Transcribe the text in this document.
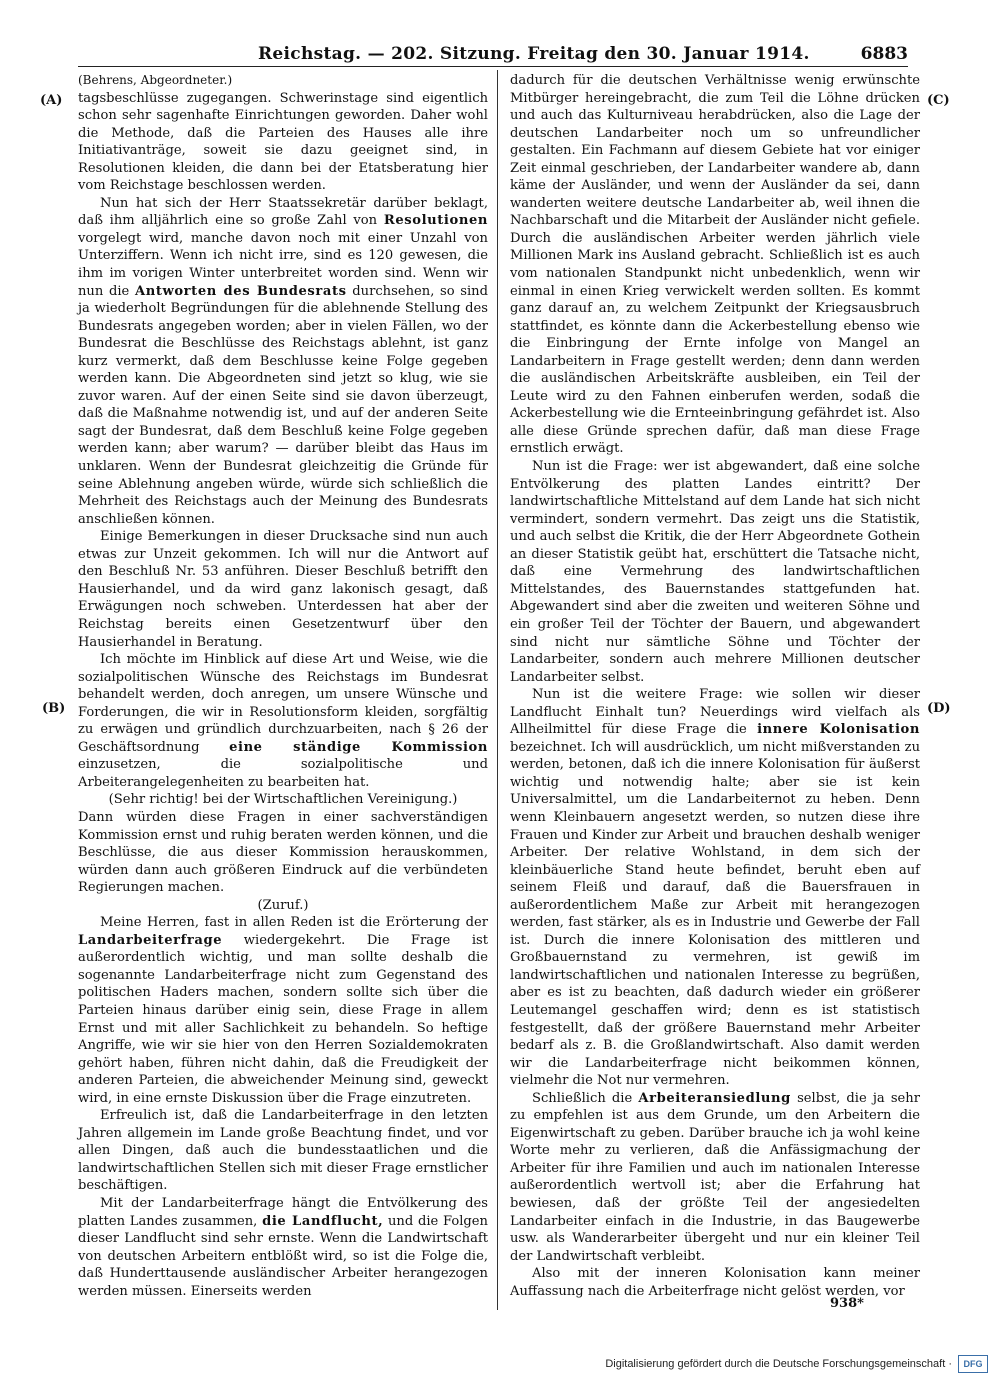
Reichstag. — 202. Sitzung. Freitag den 30. Januar 1914.	6883
(A)
(B)
(C)
(D)

(Behrens, Abgeordneter.)

tagsbeschlüsse zugegangen. Schwerinstage sind eigentlich schon sehr sagenhafte Einrichtungen geworden. Daher wohl die Methode, daß die Parteien des Hauses alle ihre Initiativanträge, soweit sie dazu geeignet sind, in Resolutionen kleiden, die dann bei der Etatsberatung hier vom Reichstage beschlossen werden.

Nun hat sich der Herr Staatssekretär darüber beklagt, daß ihm alljährlich eine so große Zahl von Resolutionen vorgelegt wird, manche davon noch mit einer Unzahl von Unterziffern. Wenn ich nicht irre, sind es 120 gewesen, die ihm im vorigen Winter unterbreitet worden sind. Wenn wir nun die Antworten des Bundesrats durchsehen, so sind ja wiederholt Begründungen für die ablehnende Stellung des Bundesrats angegeben worden; aber in vielen Fällen, wo der Bundesrat die Beschlüsse des Reichstags ablehnt, ist ganz kurz vermerkt, daß dem Beschlusse keine Folge gegeben werden kann. Die Abgeordneten sind jetzt so klug, wie sie zuvor waren. Auf der einen Seite sind sie davon überzeugt, daß die Maßnahme notwendig ist, und auf der anderen Seite sagt der Bundesrat, daß dem Beschluß keine Folge gegeben werden kann; aber warum? — darüber bleibt das Haus im unklaren. Wenn der Bundesrat gleichzeitig die Gründe für seine Ablehnung angeben würde, würde sich schließlich die Mehrheit des Reichstags auch der Meinung des Bundesrats anschließen können.

Einige Bemerkungen in dieser Drucksache sind nun auch etwas zur Unzeit gekommen. Ich will nur die Antwort auf den Beschluß Nr. 53 anführen. Dieser Beschluß betrifft den Hausierhandel, und da wird ganz lakonisch gesagt, daß Erwägungen noch schweben. Unterdessen hat aber der Reichstag bereits einen Gesetzentwurf über den Hausierhandel in Beratung.

Ich möchte im Hinblick auf diese Art und Weise, wie die sozialpolitischen Wünsche des Reichstags im Bundesrat behandelt werden, doch anregen, um unsere Wünsche und Forderungen, die wir in Resolutionsform kleiden, sorgfältig zu erwägen und gründlich durchzuarbeiten, nach § 26 der Geschäftsordnung eine ständige Kommission einzusetzen, die sozialpolitische und Arbeiterangelegenheiten zu bearbeiten hat.

(Sehr richtig! bei der Wirtschaftlichen Vereinigung.)

Dann würden diese Fragen in einer sachverständigen Kommission ernst und ruhig beraten werden können, und die Beschlüsse, die aus dieser Kommission herauskommen, würden dann auch größeren Eindruck auf die verbündeten Regierungen machen.

(Zuruf.)

Meine Herren, fast in allen Reden ist die Erörterung der Landarbeiterfrage wiedergekehrt. Die Frage ist außerordentlich wichtig, und man sollte deshalb die sogenannte Landarbeiterfrage nicht zum Gegenstand des politischen Haders machen, sondern sollte sich über die Parteien hinaus darüber einig sein, diese Frage in allem Ernst und mit aller Sachlichkeit zu behandeln. So heftige Angriffe, wie wir sie hier von den Herren Sozialdemokraten gehört haben, führen nicht dahin, daß die Freudigkeit der anderen Parteien, die abweichender Meinung sind, geweckt wird, in eine ernste Diskussion über die Frage einzutreten.

Erfreulich ist, daß die Landarbeiterfrage in den letzten Jahren allgemein im Lande große Beachtung findet, und vor allen Dingen, daß auch die bundesstaatlichen und die landwirtschaftlichen Stellen sich mit dieser Frage ernstlicher beschäftigen.

Mit der Landarbeiterfrage hängt die Entvölkerung des platten Landes zusammen, die Landflucht, und die Folgen dieser Landflucht sind sehr ernste. Wenn die Landwirtschaft von deutschen Arbeitern entblößt wird, so ist die Folge die, daß Hunderttausende ausländischer Arbeiter herangezogen werden müssen. Einerseits werden

dadurch für die deutschen Verhältnisse wenig erwünschte Mitbürger hereingebracht, die zum Teil die Löhne drücken und auch das Kulturniveau herabdrücken, also die Lage der deutschen Landarbeiter noch um so unfreundlicher gestalten. Ein Fachmann auf diesem Gebiete hat vor einiger Zeit einmal geschrieben, der Landarbeiter wandere ab, dann käme der Ausländer, und wenn der Ausländer da sei, dann wanderten weitere deutsche Landarbeiter ab, weil ihnen die Nachbarschaft und die Mitarbeit der Ausländer nicht gefiele. Durch die ausländischen Arbeiter werden jährlich viele Millionen Mark ins Ausland gebracht. Schließlich ist es auch vom nationalen Standpunkt nicht unbedenklich, wenn wir einmal in einen Krieg verwickelt werden sollten. Es kommt ganz darauf an, zu welchem Zeitpunkt der Kriegsausbruch stattfindet, es könnte dann die Ackerbestellung ebenso wie die Einbringung der Ernte infolge von Mangel an Landarbeitern in Frage gestellt werden; denn dann werden die ausländischen Arbeitskräfte ausbleiben, ein Teil der Leute wird zu den Fahnen einberufen werden, sodaß die Ackerbestellung wie die Ernteeinbringung gefährdet ist. Also alle diese Gründe sprechen dafür, daß man diese Frage ernstlich erwägt.

Nun ist die Frage: wer ist abgewandert, daß eine solche Entvölkerung des platten Landes eintritt? Der landwirtschaftliche Mittelstand auf dem Lande hat sich nicht vermindert, sondern vermehrt. Das zeigt uns die Statistik, und auch selbst die Kritik, die der Herr Abgeordnete Gothein an dieser Statistik geübt hat, erschüttert die Tatsache nicht, daß eine Vermehrung des landwirtschaftlichen Mittelstandes, des Bauernstandes stattgefunden hat. Abgewandert sind aber die zweiten und weiteren Söhne und ein großer Teil der Töchter der Bauern, und abgewandert sind nicht nur sämtliche Söhne und Töchter der Landarbeiter, sondern auch mehrere Millionen deutscher Landarbeiter selbst.

Nun ist die weitere Frage: wie sollen wir dieser Landflucht Einhalt tun? Neuerdings wird vielfach als Allheilmittel für diese Frage die innere Kolonisation bezeichnet. Ich will ausdrücklich, um nicht mißverstanden zu werden, betonen, daß ich die innere Kolonisation für äußerst wichtig und notwendig halte; aber sie ist kein Universalmittel, um die Landarbeiternot zu heben. Denn wenn Kleinbauern angesetzt werden, so nutzen diese ihre Frauen und Kinder zur Arbeit und brauchen deshalb weniger Arbeiter. Der relative Wohlstand, in dem sich der kleinbäuerliche Stand heute befindet, beruht eben auf seinem Fleiß und darauf, daß die Bauersfrauen in außerordentlichem Maße zur Arbeit mit herangezogen werden, fast stärker, als es in Industrie und Gewerbe der Fall ist. Durch die innere Kolonisation des mittleren und Großbauernstand zu vermehren, ist gewiß im landwirtschaftlichen und nationalen Interesse zu begrüßen, aber es ist zu beachten, daß dadurch wieder ein größerer Leutemangel geschaffen wird; denn es ist statistisch festgestellt, daß der größere Bauernstand mehr Arbeiter bedarf als z. B. die Großlandwirtschaft. Also damit werden wir die Landarbeiterfrage nicht beikommen können, vielmehr die Not nur vermehren.

Schließlich die Arbeiteransiedlung selbst, die ja sehr zu empfehlen ist aus dem Grunde, um den Arbeitern die Eigenwirtschaft zu geben. Darüber brauche ich ja wohl keine Worte mehr zu verlieren, daß die Anfässigmachung der Arbeiter für ihre Familien und auch im nationalen Interesse außerordentlich wertvoll ist; aber die Erfahrung hat bewiesen, daß der größte Teil der angesiedelten Landarbeiter einfach in die Industrie, in das Baugewerbe usw. als Wanderarbeiter übergeht und nur ein kleiner Teil der Landwirtschaft verbleibt.

Also mit der inneren Kolonisation kann meiner Auffassung nach die Arbeiterfrage nicht gelöst werden, vor

938*
Digitalisierung gefördert durch die Deutsche Forschungsgemeinschaft ·	DFG
